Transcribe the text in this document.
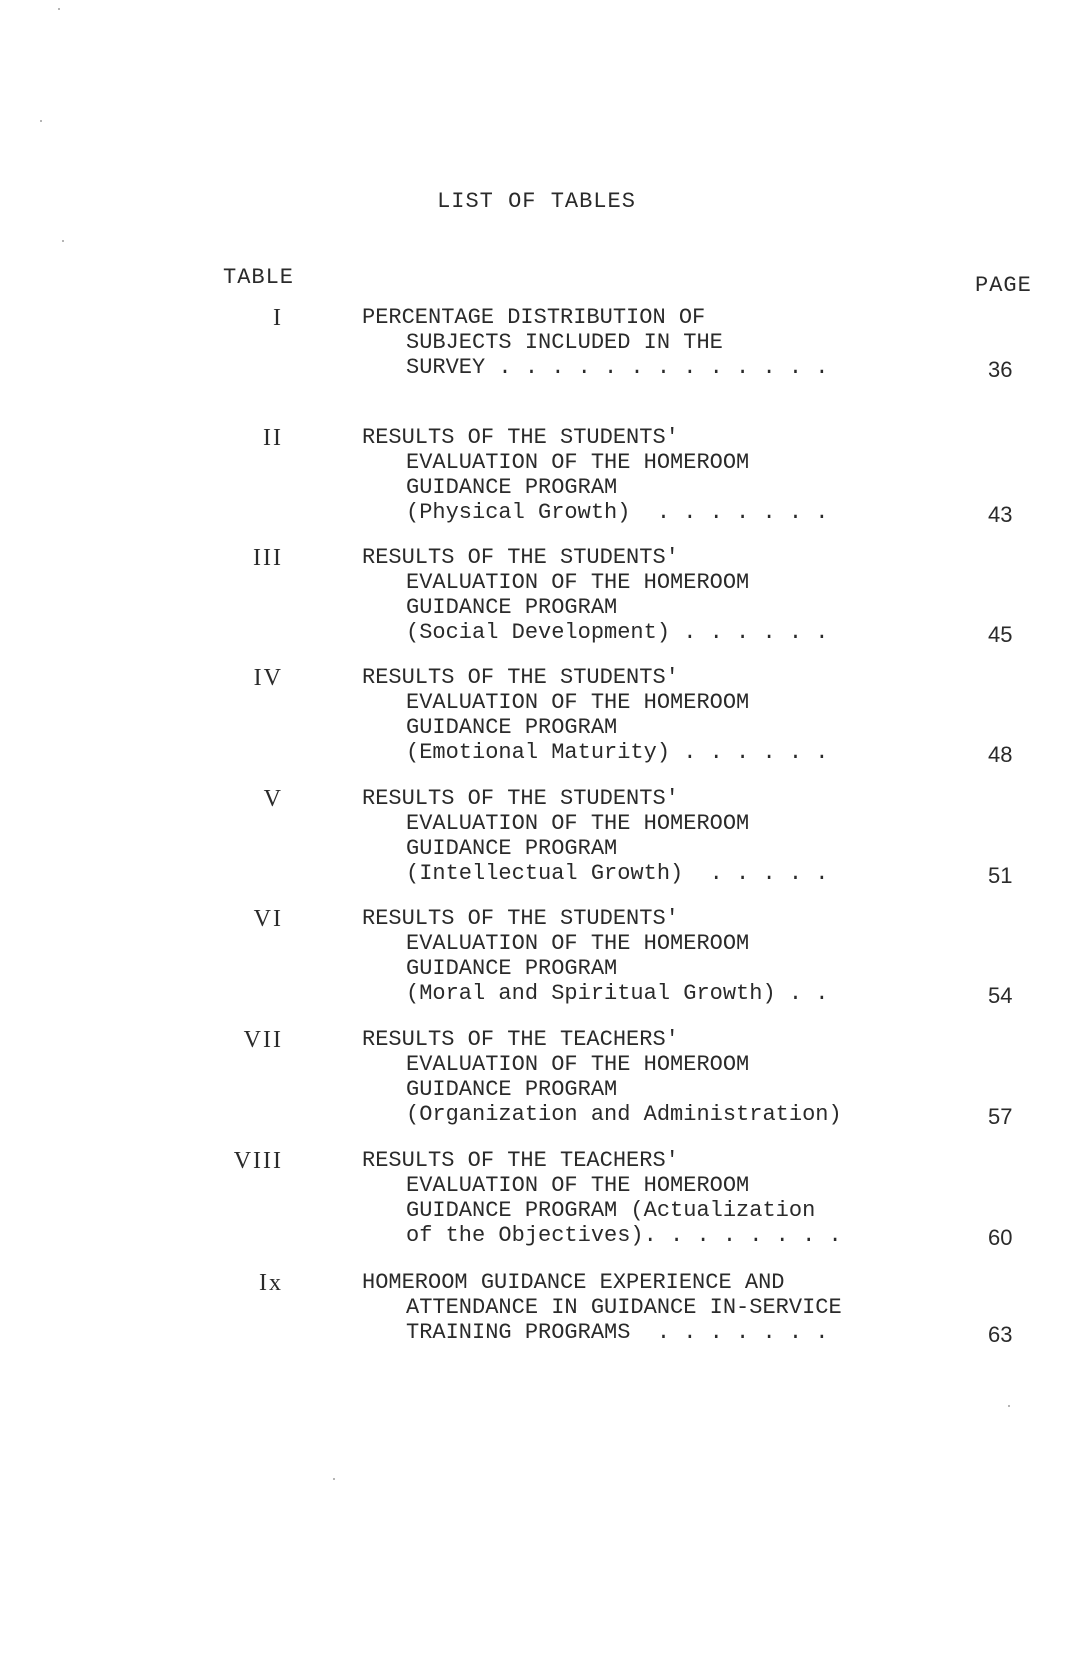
LIST OF TABLES
TABLE	PAGE
I	PERCENTAGE DISTRIBUTION OF
SUBJECTS INCLUDED IN THE
SURVEY . . . . . . . . . . . . .	36
II	RESULTS OF THE STUDENTS'
EVALUATION OF THE HOMEROOM
GUIDANCE PROGRAM
(Physical Growth)  . . . . . . .	43
III	RESULTS OF THE STUDENTS'
EVALUATION OF THE HOMEROOM
GUIDANCE PROGRAM
(Social Development) . . . . . .	45
IV	RESULTS OF THE STUDENTS'
EVALUATION OF THE HOMEROOM
GUIDANCE PROGRAM
(Emotional Maturity) . . . . . .	48
V	RESULTS OF THE STUDENTS'
EVALUATION OF THE HOMEROOM
GUIDANCE PROGRAM
(Intellectual Growth)  . . . . .	51
VI	RESULTS OF THE STUDENTS'
EVALUATION OF THE HOMEROOM
GUIDANCE PROGRAM
(Moral and Spiritual Growth) . .	54
VII	RESULTS OF THE TEACHERS'
EVALUATION OF THE HOMEROOM
GUIDANCE PROGRAM
(Organization and Administration)	57
VIII	RESULTS OF THE TEACHERS'
EVALUATION OF THE HOMEROOM
GUIDANCE PROGRAM (Actualization
of the Objectives). . . . . . . .	60
Ix	HOMEROOM GUIDANCE EXPERIENCE AND
ATTENDANCE IN GUIDANCE IN-SERVICE
TRAINING PROGRAMS  . . . . . . .	63
